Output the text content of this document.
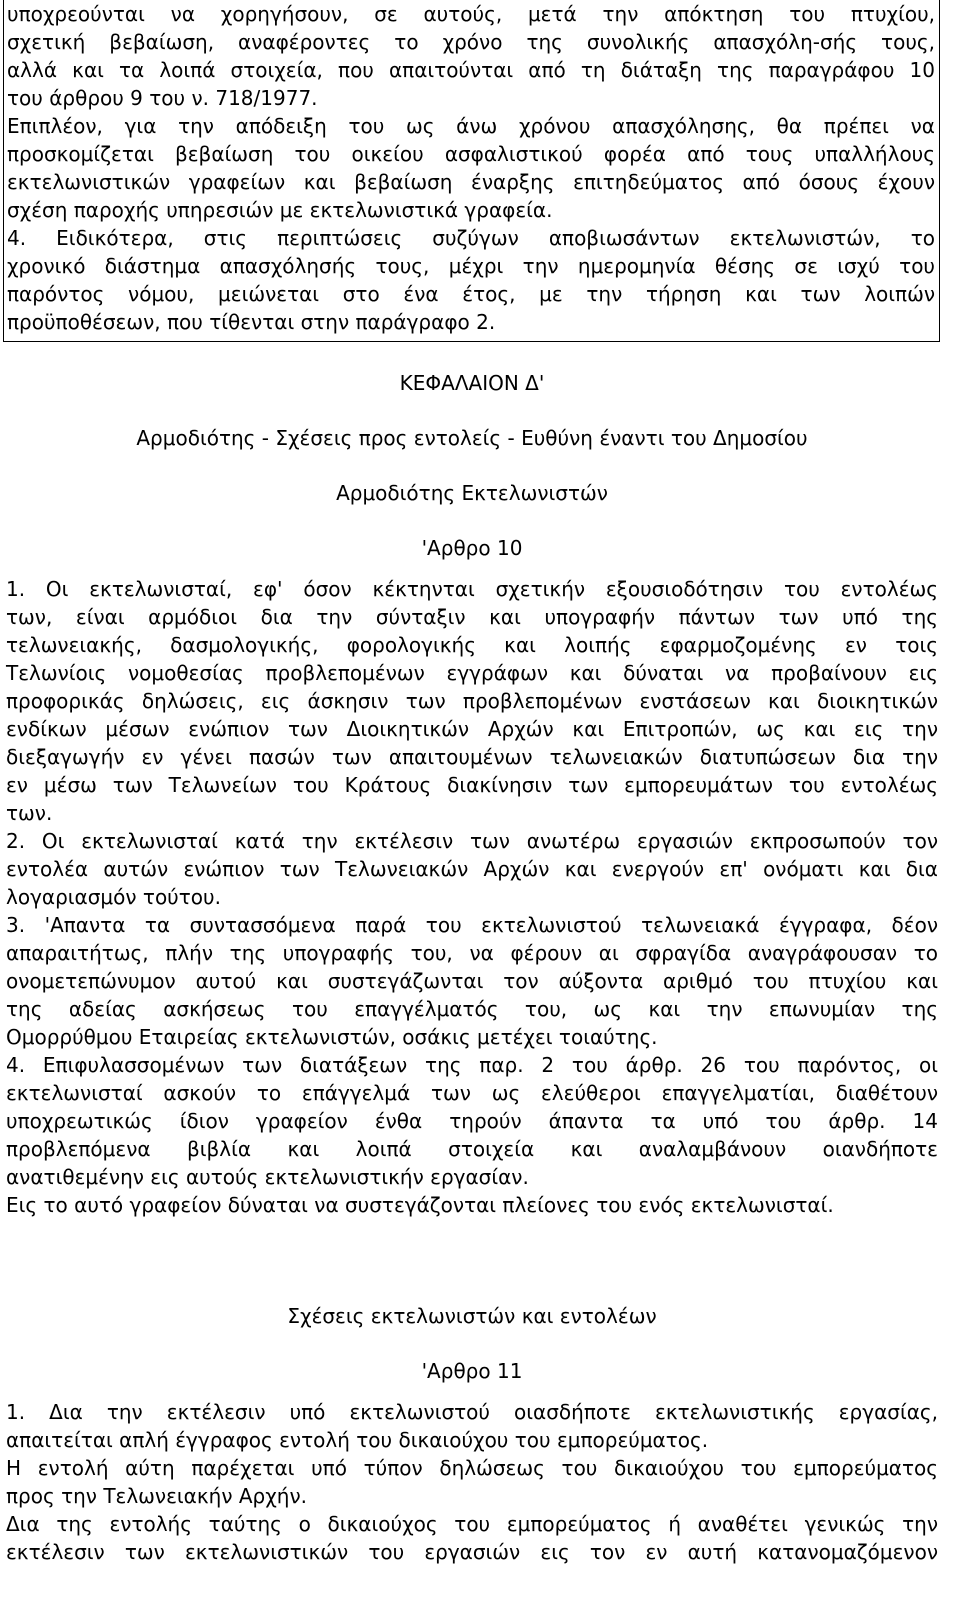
υποχρεούνται να χορηγήσουν, σε αυτούς, μετά την απόκτηση του πτυχίου,
σχετική βεβαίωση, αναφέροντες το χρόνο της συνολικής απασχόλη-σής τους,
αλλά και τα λοιπά στοιχεία, που απαιτούνται από τη διάταξη της παραγράφου 10
του άρθρου 9 του ν. 718/1977.
Επιπλέον, για την απόδειξη του ως άνω χρόνου απασχόλησης, θα πρέπει να
προσκομίζεται βεβαίωση του οικείου ασφαλιστικού φορέα από τους υπαλλήλους
εκτελωνιστικών γραφείων και βεβαίωση έναρξης επιτηδεύματος από όσους έχουν
σχέση παροχής υπηρεσιών με εκτελωνιστικά γραφεία.

4. Ειδικότερα, στις περιπτώσεις συζύγων αποβιωσάντων εκτελωνιστών, το
χρονικό διάστημα απασχόλησής τους, μέχρι την ημερομηνία θέσης σε ισχύ του
παρόντος νόμου, μειώνεται στο ένα έτος, με την τήρηση και των λοιπών
προϋποθέσεων, που τίθενται στην παράγραφο 2.

ΚΕΦΑΛΑΙΟΝ Δ'

Αρμοδιότης - Σχέσεις προς εντολείς - Ευθύνη έναντι του Δημοσίου

Αρμοδιότης Εκτελωνιστών

'Αρθρο 10

1. Οι εκτελωνισταί, εφ' όσον κέκτηνται σχετικήν εξουσιοδότησιν του εντολέως
των, είναι αρμόδιοι δια την σύνταξιν και υπογραφήν πάντων των υπό της
τελωνειακής, δασμολογικής, φορολογικής και λοιπής εφαρμοζομένης εν τοις
Τελωνίοις νομοθεσίας προβλεπομένων εγγράφων και δύναται να προβαίνουν εις
προφορικάς δηλώσεις, εις άσκησιν των προβλεπομένων ενστάσεων και διοικητικών
ενδίκων μέσων ενώπιον των Διοικητικών Αρχών και Επιτροπών, ως και εις την
διεξαγωγήν εν γένει πασών των απαιτουμένων τελωνειακών διατυπώσεων δια την
εν μέσω των Τελωνείων του Κράτους διακίνησιν των εμπορευμάτων του εντολέως
των.

2. Οι εκτελωνισταί κατά την εκτέλεσιν των ανωτέρω εργασιών εκπροσωπούν τον
εντολέα αυτών ενώπιον των Τελωνειακών Αρχών και ενεργούν επ' ονόματι και δια
λογαριασμόν τούτου.

3. 'Απαντα τα συντασσόμενα παρά του εκτελωνιστού τελωνειακά έγγραφα, δέον
απαραιτήτως, πλήν της υπογραφής του, να φέρουν αι σφραγίδα αναγράφουσαν το
ονομετεπώνυμον αυτού και συστεγάζωνται τον αύξοντα αριθμό του πτυχίου και
της αδείας ασκήσεως του επαγγέλματός του, ως και την επωνυμίαν της
Ομορρύθμου Εταιρείας εκτελωνιστών, οσάκις μετέχει τοιαύτης.

4. Επιφυλασσομένων των διατάξεων της παρ. 2 του άρθρ. 26 του παρόντος, οι
εκτελωνισταί ασκούν το επάγγελμά των ως ελεύθεροι επαγγελματίαι, διαθέτουν
υποχρεωτικώς ίδιον γραφείον ένθα τηρούν άπαντα τα υπό του άρθρ. 14
προβλεπόμενα βιβλία και λοιπά στοιχεία και αναλαμβάνουν οιανδήποτε
ανατιθεμένην εις αυτούς εκτελωνιστικήν εργασίαν.

Εις το αυτό γραφείον δύναται να συστεγάζονται πλείονες του ενός εκτελωνισταί.

Σχέσεις εκτελωνιστών και εντολέων

'Αρθρο 11

1. Δια την εκτέλεσιν υπό εκτελωνιστού οιασδήποτε εκτελωνιστικής εργασίας,
απαιτείται απλή έγγραφος εντολή του δικαιούχου του εμπορεύματος.

Η εντολή αύτη παρέχεται υπό τύπον δηλώσεως του δικαιούχου του εμπορεύματος
προς την Τελωνειακήν Αρχήν.

Δια της εντολής ταύτης ο δικαιούχος του εμπορεύματος ή αναθέτει γενικώς την
εκτέλεσιν των εκτελωνιστικών του εργασιών εις τον εν αυτή κατανομαζόμενον
